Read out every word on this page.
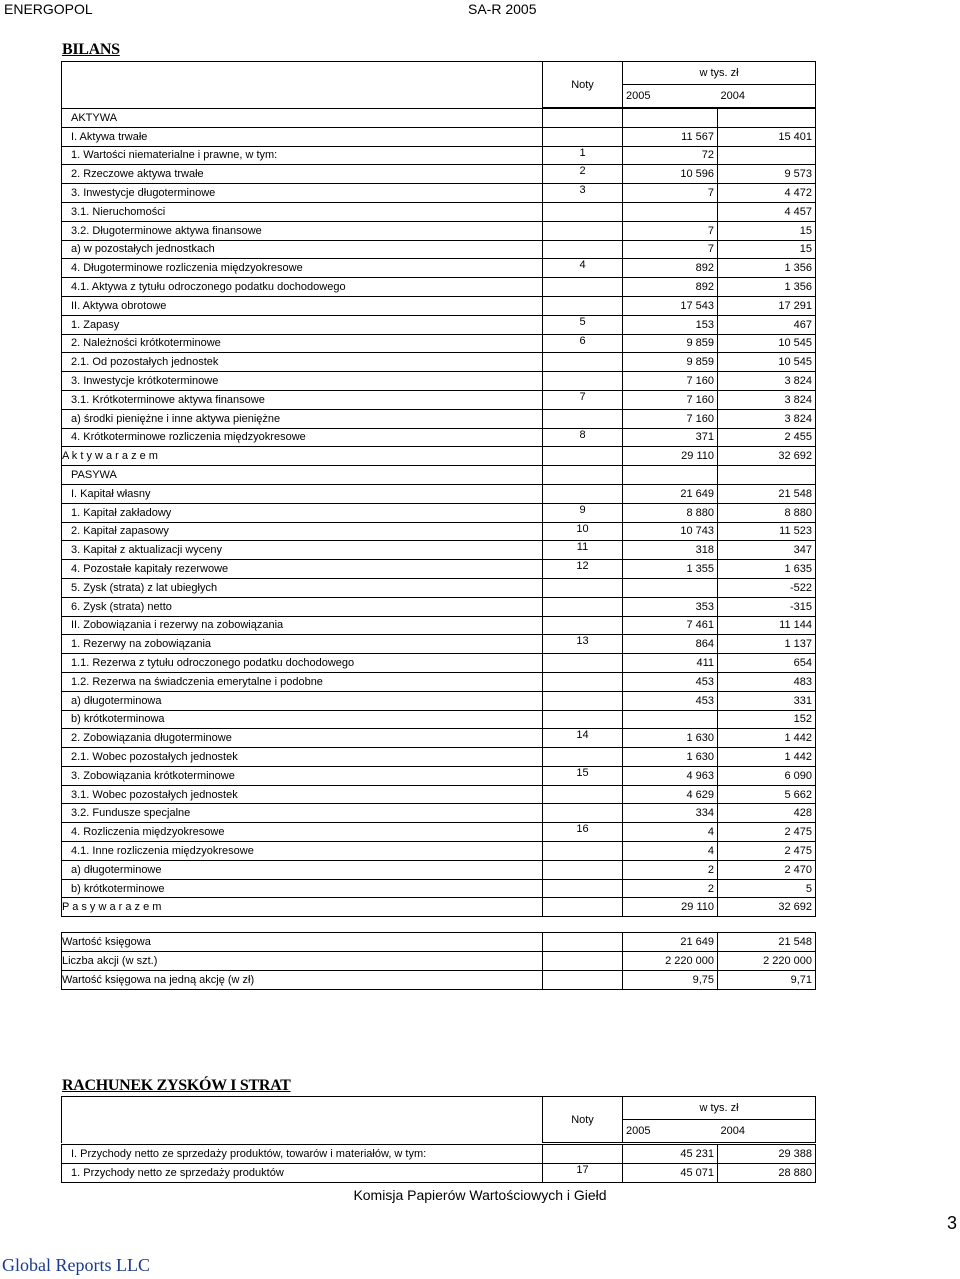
ENERGOPOL	SA-R 2005
BILANS
	Noty	w tys. zł	
		2005	2004
AKTYWA			
I. Aktywa trwałe		11 567	15 401
1. Wartości niematerialne i prawne, w tym:	1	72	
2. Rzeczowe aktywa trwałe	2	10 596	9 573
3. Inwestycje długoterminowe	3	7	4 472
3.1. Nieruchomości			4 457
3.2. Długoterminowe aktywa finansowe		7	15
a) w pozostałych jednostkach		7	15
4. Długoterminowe rozliczenia międzyokresowe	4	892	1 356
4.1. Aktywa z tytułu odroczonego podatku dochodowego		892	1 356
II. Aktywa obrotowe		17 543	17 291
1. Zapasy	5	153	467
2. Należności krótkoterminowe	6	9 859	10 545
2.1. Od pozostałych jednostek		9 859	10 545
3. Inwestycje krótkoterminowe		7 160	3 824
3.1. Krótkoterminowe aktywa finansowe	7	7 160	3 824
a) środki pieniężne i inne aktywa pieniężne		7 160	3 824
4. Krótkoterminowe rozliczenia międzyokresowe	8	371	2 455
A k t y w a r a z e m		29 110	32 692
PASYWA			
I. Kapitał własny		21 649	21 548
1. Kapitał zakładowy	9	8 880	8 880
2. Kapitał zapasowy	10	10 743	11 523
3. Kapitał z aktualizacji wyceny	11	318	347
4. Pozostałe kapitały rezerwowe	12	1 355	1 635
5. Zysk (strata) z lat ubiegłych			-522
6. Zysk (strata) netto		353	-315
II. Zobowiązania i rezerwy na zobowiązania		7 461	11 144
1. Rezerwy na zobowiązania	13	864	1 137
1.1. Rezerwa z tytułu odroczonego podatku dochodowego		411	654
1.2. Rezerwa na świadczenia emerytalne i podobne		453	483
a) długoterminowa		453	331
b) krótkoterminowa			152
2. Zobowiązania długoterminowe	14	1 630	1 442
2.1. Wobec pozostałych jednostek		1 630	1 442
3. Zobowiązania krótkoterminowe	15	4 963	6 090
3.1. Wobec pozostałych jednostek		4 629	5 662
3.2. Fundusze specjalne		334	428
4. Rozliczenia międzyokresowe	16	4	2 475
4.1. Inne rozliczenia międzyokresowe		4	2 475
a) długoterminowe		2	2 470
b) krótkoterminowe		2	5
P a s y w a r a z e m		29 110	32 692
Wartość księgowa		21 649	21 548
Liczba akcji (w szt.)		2 220 000	2 220 000
Wartość księgowa na jedną akcję (w zł)		9,75	9,71
RACHUNEK ZYSKÓW I STRAT
	Noty	w tys. zł	
		2005	2004
I. Przychody netto ze sprzedaży produktów, towarów i materiałów, w tym:		45 231	29 388
1. Przychody netto ze sprzedaży produktów	17	45 071	28 880
Komisja Papierów Wartościowych i Giełd
3
Global Reports LLC
